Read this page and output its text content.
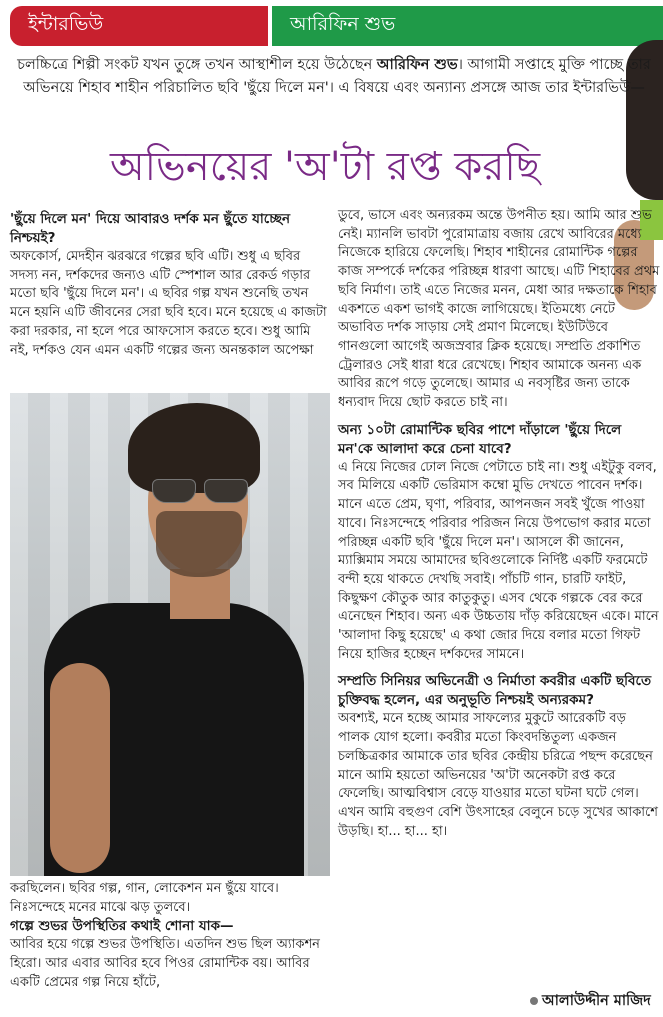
ইন্টারভিউ	আরিফিন শুভ
চলচ্চিত্রে শিল্পী সংকট যখন তুঙ্গে তখন আস্থাশীল হয়ে উঠেছেন আরিফিন শুভ। আগামী সপ্তাহে মুক্তি পাচ্ছে তার অভিনয়ে শিহাব শাহীন পরিচালিত ছবি 'ছুঁয়ে দিলে মন'। এ বিষয়ে এবং অন্যান্য প্রসঙ্গে আজ তার ইন্টারভিউ—
অভিনয়ের 'অ'টা রপ্ত করছি

'ছুঁয়ে দিলে মন' দিয়ে আবারও দর্শক মন ছুঁতে যাচ্ছেন নিশ্চয়ই?

অফকোর্স, মেদহীন ঝরঝরে গল্পের ছবি এটি। শুধু এ ছবির সদস্য নন, দর্শকদের জন্যও এটি স্পেশাল আর রেকর্ড গড়ার মতো ছবি 'ছুঁয়ে দিলে মন'। এ ছবির গল্প যখন শুনেছি তখন মনে হয়নি এটি জীবনের সেরা ছবি হবে। মনে হয়েছে এ কাজটা করা দরকার, না হলে পরে আফসোস করতে হবে। শুধু আমি নই, দর্শকও যেন এমন একটি গল্পের জন্য অনন্তকাল অপেক্ষা

করছিলেন। ছবির গল্প, গান, লোকেশন মন ছুঁয়ে যাবে। নিঃসন্দেহে মনের মাঝে ঝড় তুলবে।

গল্পে শুভর উপস্থিতির কথাই শোনা যাক—

আবির হয়ে গল্পে শুভর উপস্থিতি। এতদিন শুভ ছিল অ্যাকশন হিরো। আর এবার আবির হবে পিওর রোমান্টিক বয়। আবির একটি প্রেমের গল্প নিয়ে হাঁটে,

ডুবে, ভাসে এবং অন্যরকম অন্তে উপনীত হয়। আমি আর শুভ নেই। ম্যানলি ভাবটা পুরোমাত্রায় বজায় রেখে আবিরের মধ্যে নিজেকে হারিয়ে ফেলেছি। শিহাব শাহীনের রোমান্টিক গল্পের কাজ সম্পর্কে দর্শকের পরিচ্ছন্ন ধারণা আছে। এটি শিহাবের প্রথম ছবি নির্মাণ। তাই এতে নিজের মনন, মেধা আর দক্ষতাকে শিহাব একশতে একশ ভাগই কাজে লাগিয়েছে। ইতিমধ্যে নেটে অভাবিত দর্শক সাড়ায় সেই প্রমাণ মিলেছে। ইউটিউবে গানগুলো আগেই অজস্রবার ক্লিক হয়েছে। সম্প্রতি প্রকাশিত ট্রেলারও সেই ধারা ধরে রেখেছে। শিহাব আমাকে অনন্য এক আবির রূপে গড়ে তুলেছে। আমার এ নবসৃষ্টির জন্য তাকে ধন্যবাদ দিয়ে ছোট করতে চাই না।

অন্য ১০টা রোমান্টিক ছবির পাশে দাঁড়ালে 'ছুঁয়ে দিলে মন'কে আলাদা করে চেনা যাবে?

এ নিয়ে নিজের ঢোল নিজে পেটাতে চাই না। শুধু এইটুকু বলব, সব মিলিয়ে একটি ভেরিমাস কম্বো মুভি দেখতে পাবেন দর্শক। মানে এতে প্রেম, ঘৃণা, পরিবার, আপনজন সবই খুঁজে পাওয়া যাবে। নিঃসন্দেহে পরিবার পরিজন নিয়ে উপভোগ করার মতো পরিচ্ছন্ন একটি ছবি 'ছুঁয়ে দিলে মন'। আসলে কী জানেন, ম্যাক্সিমাম সময়ে আমাদের ছবিগুলোকে নির্দিষ্ট একটি ফরমেটে বন্দী হয়ে থাকতে দেখছি সবাই। পাঁচটি গান, চারটি ফাইট, কিছুক্ষণ কৌতুক আর কাতুকুতু। এসব থেকে গল্পকে বের করে এনেছেন শিহাব। অন্য এক উচ্চতায় দাঁড় করিয়েছেন একে। মানে 'আলাদা কিছু হয়েছে' এ কথা জোর দিয়ে বলার মতো গিফট নিয়ে হাজির হচ্ছেন দর্শকদের সামনে।

সম্প্রতি সিনিয়র অভিনেত্রী ও নির্মাতা কবরীর একটি ছবিতে চুক্তিবদ্ধ হলেন, এর অনুভূতি নিশ্চয়ই অন্যরকম?

অবশ্যই, মনে হচ্ছে আমার সাফল্যের মুকুটে আরেকটি বড় পালক যোগ হলো। কবরীর মতো কিংবদন্তিতুল্য একজন চলচ্চিত্রকার আমাকে তার ছবির কেন্দ্রীয় চরিত্রে পছন্দ করেছেন মানে আমি হয়তো অভিনয়ের 'অ'টা অনেকটা রপ্ত করে ফেলেছি। আত্মবিশ্বাস বেড়ে যাওয়ার মতো ঘটনা ঘটে গেল। এখন আমি বহুগুণ বেশি উৎসাহের বেলুনে চড়ে সুখের আকাশে উড়ছি। হা... হা... হা।

আলাউদ্দীন মাজিদ
